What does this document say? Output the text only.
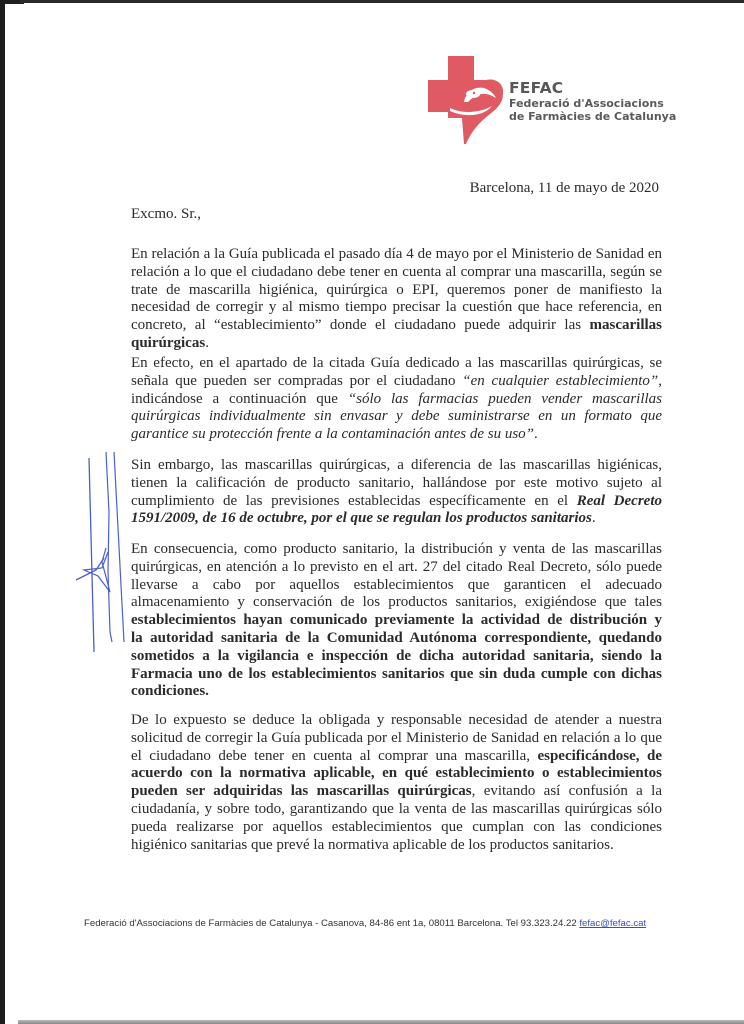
FEFAC
Federació d'Associacions
de Farmàcies de Catalunya
Barcelona, 11 de mayo de 2020
Excmo. Sr.,
En relación a la Guía publicada el pasado día 4 de mayo por el Ministerio de Sanidad en
relación a lo que el ciudadano debe tener en cuenta al comprar una mascarilla, según se
trate de mascarilla higiénica, quirúrgica o EPI, queremos poner de manifiesto la
necesidad de corregir y al mismo tiempo precisar la cuestión que hace referencia, en
concreto, al “establecimiento” donde el ciudadano puede adquirir las mascarillas
quirúrgicas.
En efecto, en el apartado de la citada Guía dedicado a las mascarillas quirúrgicas, se
señala que pueden ser compradas por el ciudadano “en cualquier establecimiento”,
indicándose a continuación que “sólo las farmacias pueden vender mascarillas
quirúrgicas individualmente sin envasar y debe suministrarse en un formato que
garantice su protección frente a la contaminación antes de su uso”.
Sin embargo, las mascarillas quirúrgicas, a diferencia de las mascarillas higiénicas,
tienen la calificación de producto sanitario, hallándose por este motivo sujeto al
cumplimiento de las previsiones establecidas específicamente en el Real Decreto
1591/2009, de 16 de octubre, por el que se regulan los productos sanitarios.
En consecuencia, como producto sanitario, la distribución y venta de las mascarillas
quirúrgicas, en atención a lo previsto en el art. 27 del citado Real Decreto, sólo puede
llevarse a cabo por aquellos establecimientos que garanticen el adecuado
almacenamiento y conservación de los productos sanitarios, exigiéndose que tales
establecimientos hayan comunicado previamente la actividad de distribución y
la autoridad sanitaria de la Comunidad Autónoma correspondiente, quedando
sometidos a la vigilancia e inspección de dicha autoridad sanitaria, siendo la
Farmacia uno de los establecimientos sanitarios que sin duda cumple con dichas
condiciones.
De lo expuesto se deduce la obligada y responsable necesidad de atender a nuestra
solicitud de corregir la Guía publicada por el Ministerio de Sanidad en relación a lo que
el ciudadano debe tener en cuenta al comprar una mascarilla, especificándose, de
acuerdo con la normativa aplicable, en qué establecimiento o establecimientos
pueden ser adquiridas las mascarillas quirúrgicas, evitando así confusión a la
ciudadanía, y sobre todo, garantizando que la venta de las mascarillas quirúrgicas sólo
pueda realizarse por aquellos establecimientos que cumplan con las condiciones
higiénico sanitarias que prevé la normativa aplicable de los productos sanitarios.
Federació d'Associacions de Farmàcies de Catalunya - Casanova, 84-86 ent 1a, 08011 Barcelona. Tel 93.323.24.22 fefac@fefac.cat
